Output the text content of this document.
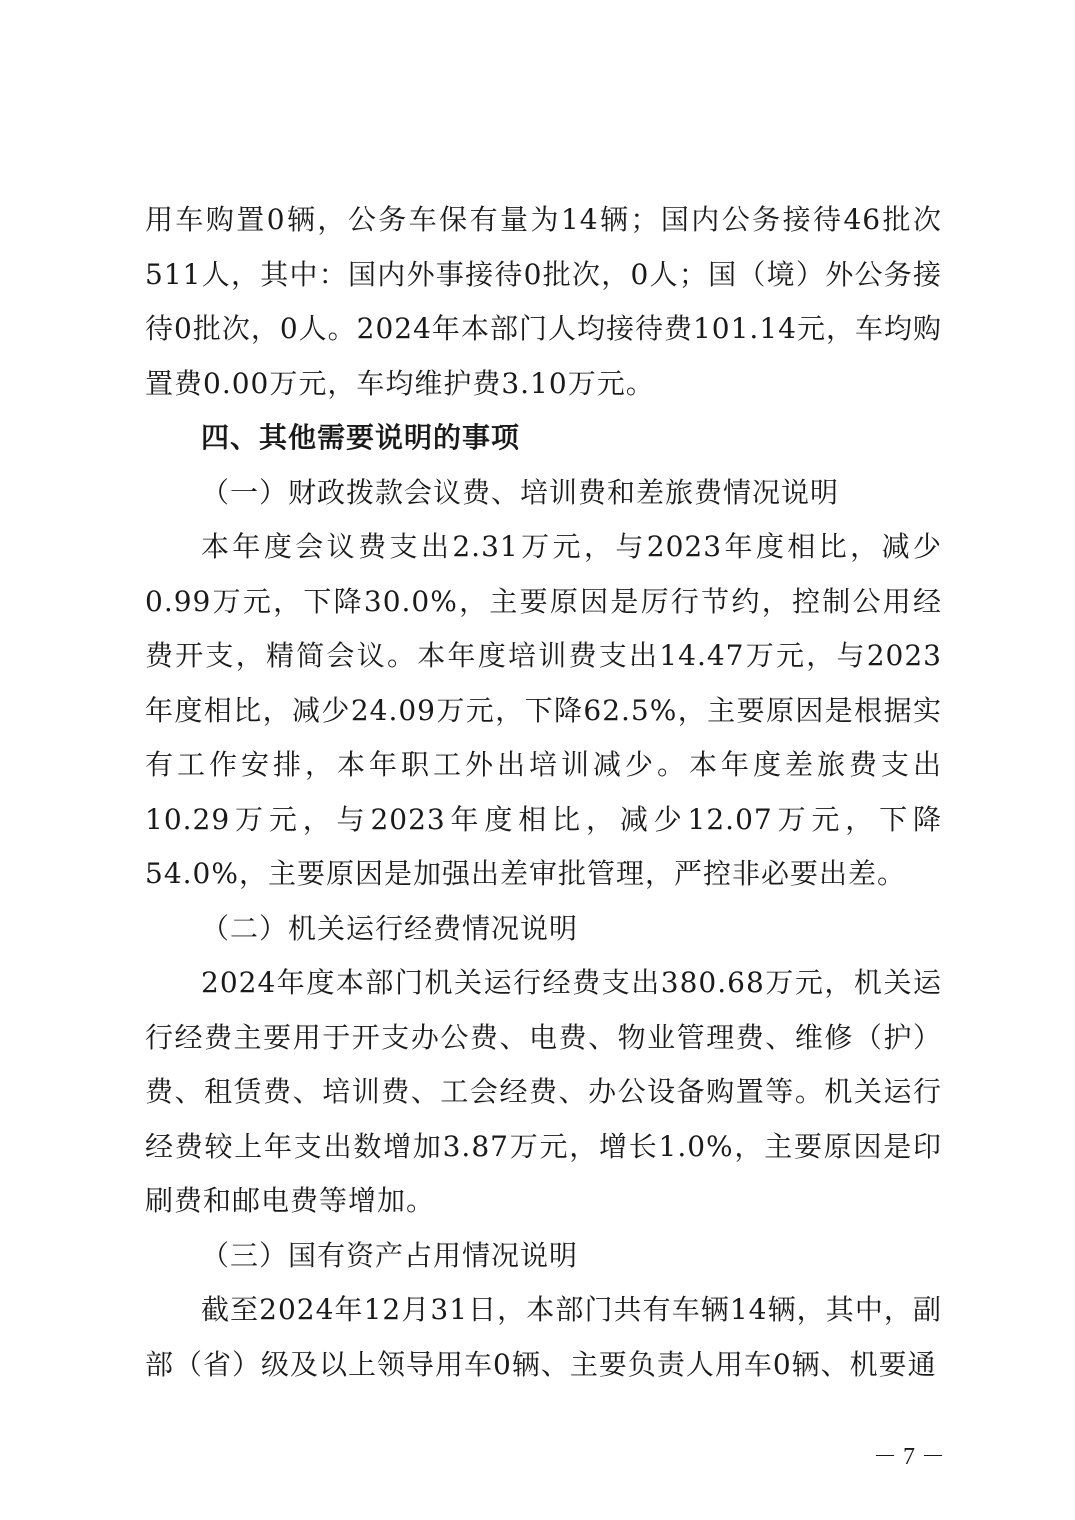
用车购置0辆，公务车保有量为14辆；国内公务接待46批次511人，其中：国内外事接待0批次，0人；国（境）外公务接待0批次，0人。2024年本部门人均接待费101.14元，车均购置费0.00万元，车均维护费3.10万元。

四、其他需要说明的事项

（一）财政拨款会议费、培训费和差旅费情况说明

本年度会议费支出2.31万元，与2023年度相比，减少0.99万元，下降30.0%，主要原因是厉行节约，控制公用经费开支，精简会议。本年度培训费支出14.47万元，与2023年度相比，减少24.09万元，下降62.5%，主要原因是根据实有工作安排，本年职工外出培训减少。本年度差旅费支出10.29万元，与2023年度相比，减少12.07万元，下降54.0%，主要原因是加强出差审批管理，严控非必要出差。

（二）机关运行经费情况说明

2024年度本部门机关运行经费支出380.68万元，机关运行经费主要用于开支办公费、电费、物业管理费、维修（护）费、租赁费、培训费、工会经费、办公设备购置等。机关运行经费较上年支出数增加3.87万元，增长1.0%，主要原因是印刷费和邮电费等增加。

（三）国有资产占用情况说明

截至2024年12月31日，本部门共有车辆14辆，其中，副部（省）级及以上领导用车0辆、主要负责人用车0辆、机要通

－ 7 －
